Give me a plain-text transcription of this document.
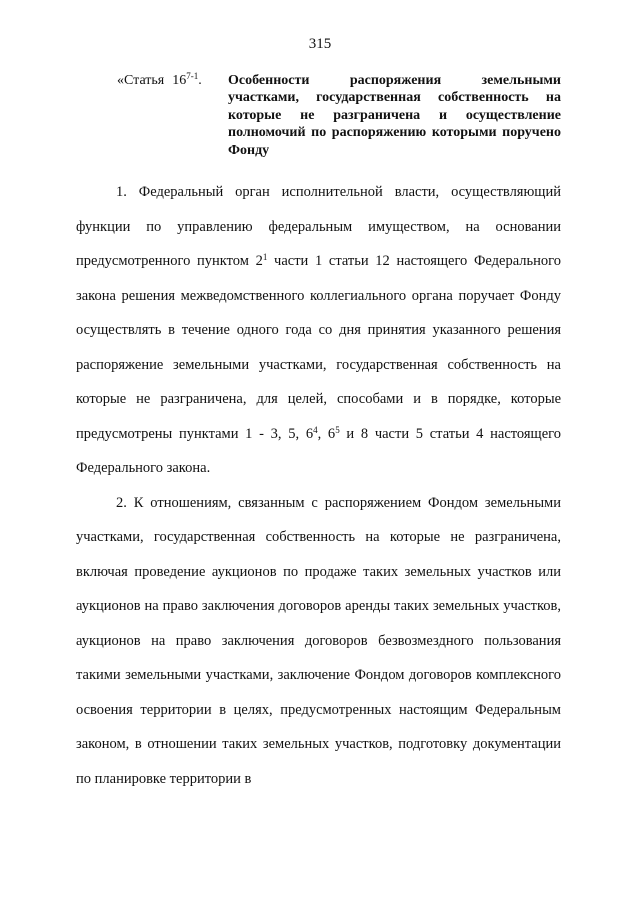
315
«Статья 16$^{7-1}$.	Особенности распоряжения земельными участками, государственная собственность на которые не разграничена и осуществление полномочий по распоряжению которыми поручено Фонду

1. Федеральный орган исполнительной власти, осуществляющий функции по управлению федеральным имуществом, на основании предусмотренного пунктом $2^1$ части 1 статьи 12 настоящего Федерального закона решения межведомственного коллегиального органа поручает Фонду осуществлять в течение одного года со дня принятия указанного решения распоряжение земельными участками, государственная собственность на которые не разграничена, для целей, способами и в порядке, которые предусмотрены пунктами 1 - 3, 5, $6^4$, $6^5$ и 8 части 5 статьи 4 настоящего Федерального закона.

2. К отношениям, связанным с распоряжением Фондом земельными участками, государственная собственность на которые не разграничена, включая проведение аукционов по продаже таких земельных участков или аукционов на право заключения договоров аренды таких земельных участков, аукционов на право заключения договоров безвозмездного пользования такими земельными участками, заключение Фондом договоров комплексного освоения территории в целях, предусмотренных настоящим Федеральным законом, в отношении таких земельных участков, подготовку документации по планировке территории в
